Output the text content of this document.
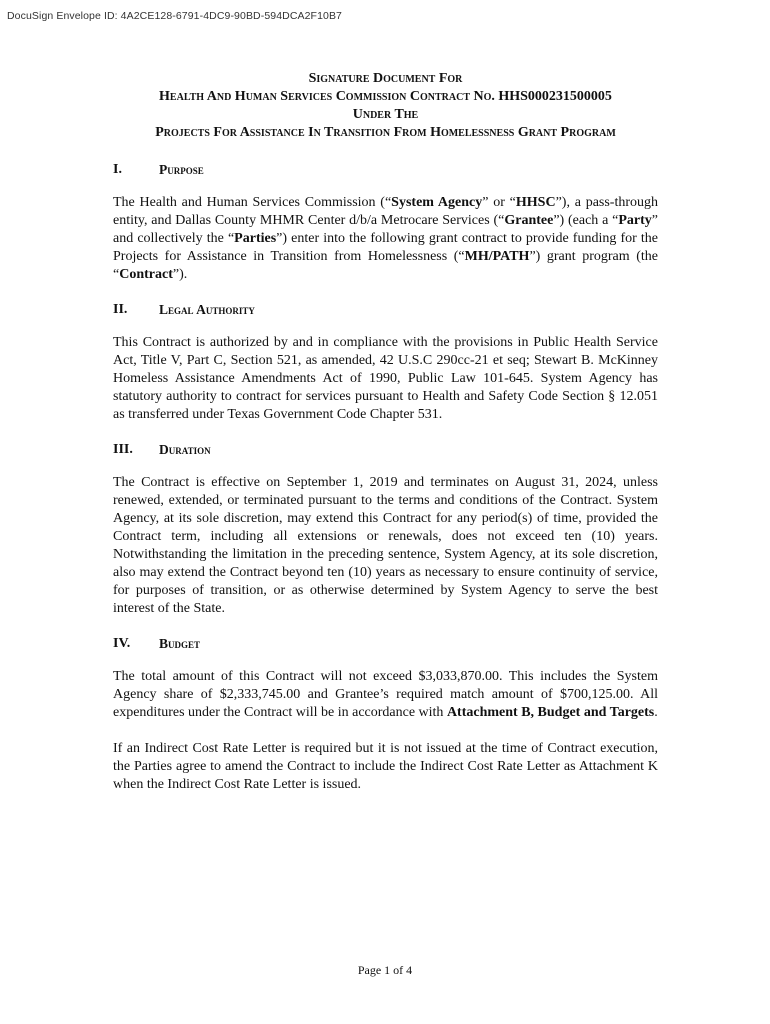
DocuSign Envelope ID: 4A2CE128-6791-4DC9-90BD-594DCA2F10B7
Signature Document For
Health And Human Services Commission Contract No. HHS000231500005
Under The
Projects For Assistance In Transition From Homelessness Grant Program
I.	Purpose
The Health and Human Services Commission (“System Agency” or “HHSC”), a pass-through entity, and Dallas County MHMR Center d/b/a Metrocare Services (“Grantee”) (each a “Party” and collectively the “Parties”) enter into the following grant contract to provide funding for the Projects for Assistance in Transition from Homelessness (“MH/PATH”) grant program (the “Contract”).
II.	Legal Authority
This Contract is authorized by and in compliance with the provisions in Public Health Service Act, Title V, Part C, Section 521, as amended, 42 U.S.C 290cc-21 et seq; Stewart B. McKinney Homeless Assistance Amendments Act of 1990, Public Law 101-645. System Agency has statutory authority to contract for services pursuant to Health and Safety Code Section § 12.051 as transferred under Texas Government Code Chapter 531.
III.	Duration
The Contract is effective on September 1, 2019 and terminates on August 31, 2024, unless renewed, extended, or terminated pursuant to the terms and conditions of the Contract. System Agency, at its sole discretion, may extend this Contract for any period(s) of time, provided the Contract term, including all extensions or renewals, does not exceed ten (10) years. Notwithstanding the limitation in the preceding sentence, System Agency, at its sole discretion, also may extend the Contract beyond ten (10) years as necessary to ensure continuity of service, for purposes of transition, or as otherwise determined by System Agency to serve the best interest of the State.
IV.	Budget
The total amount of this Contract will not exceed $3,033,870.00. This includes the System Agency share of $2,333,745.00 and Grantee’s required match amount of $700,125.00. All expenditures under the Contract will be in accordance with Attachment B, Budget and Targets.
If an Indirect Cost Rate Letter is required but it is not issued at the time of Contract execution, the Parties agree to amend the Contract to include the Indirect Cost Rate Letter as Attachment K when the Indirect Cost Rate Letter is issued.
Page 1 of 4
